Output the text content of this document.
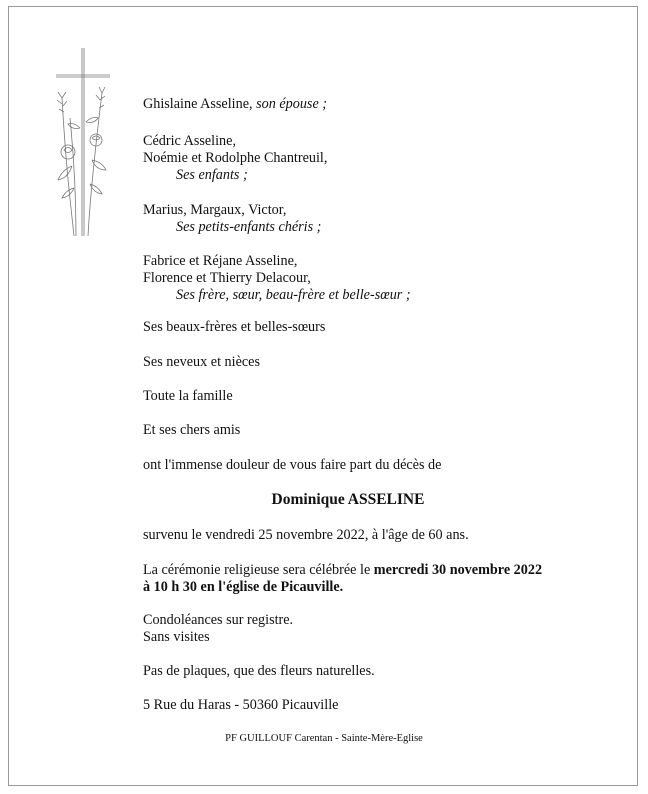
Ghislaine Asseline, son épouse ;
Cédric Asseline,
Noémie et Rodolphe Chantreuil,
Ses enfants ;
Marius, Margaux, Victor,
Ses petits-enfants chéris ;
Fabrice et Réjane Asseline,
Florence et Thierry Delacour,
Ses frère, sœur, beau-frère et belle-sœur ;
Ses beaux-frères et belles-sœurs
Ses neveux et nièces
Toute la famille
Et ses chers amis
ont l'immense douleur de vous faire part du décès de
Dominique ASSELINE
survenu le vendredi 25 novembre 2022, à l'âge de 60 ans.
La cérémonie religieuse sera célébrée le mercredi 30 novembre 2022
à 10 h 30 en l'église de Picauville.
Condoléances sur registre.
Sans visites
Pas de plaques, que des fleurs naturelles.
5 Rue du Haras - 50360 Picauville
PF GUILLOUF Carentan - Sainte-Mère-Eglise
